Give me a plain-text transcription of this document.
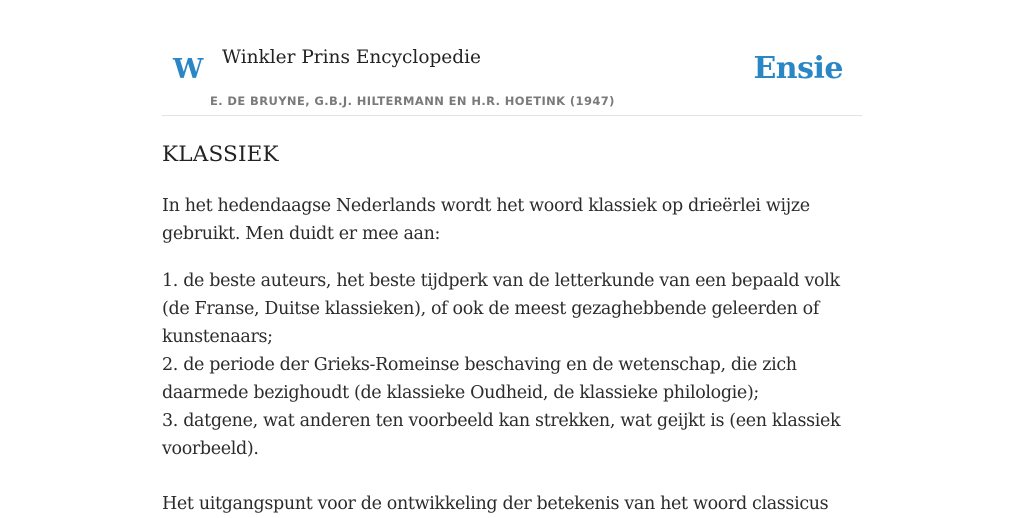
W Winkler Prins Encyclopedie	Ensie
E. DE BRUYNE, G.B.J. HILTERMANN EN H.R. HOETINK (1947)
KLASSIEK

In het hedendaagse Nederlands wordt het woord klassiek op drieërlei wijze gebruikt. Men duidt er mee aan:

1. de beste auteurs, het beste tijdperk van de letterkunde van een bepaald volk (de Franse, Duitse klassieken), of ook de meest gezaghebbende geleerden of kunstenaars;
2. de periode der Grieks-Romeinse beschaving en de wetenschap, die zich daarmede bezighoudt (de klassieke Oudheid, de klassieke philologie);
3. datgene, wat anderen ten voorbeeld kan strekken, wat geijkt is (een klassiek voorbeeld).

Het uitgangspunt voor de ontwikkeling der betekenis van het woord classicus
